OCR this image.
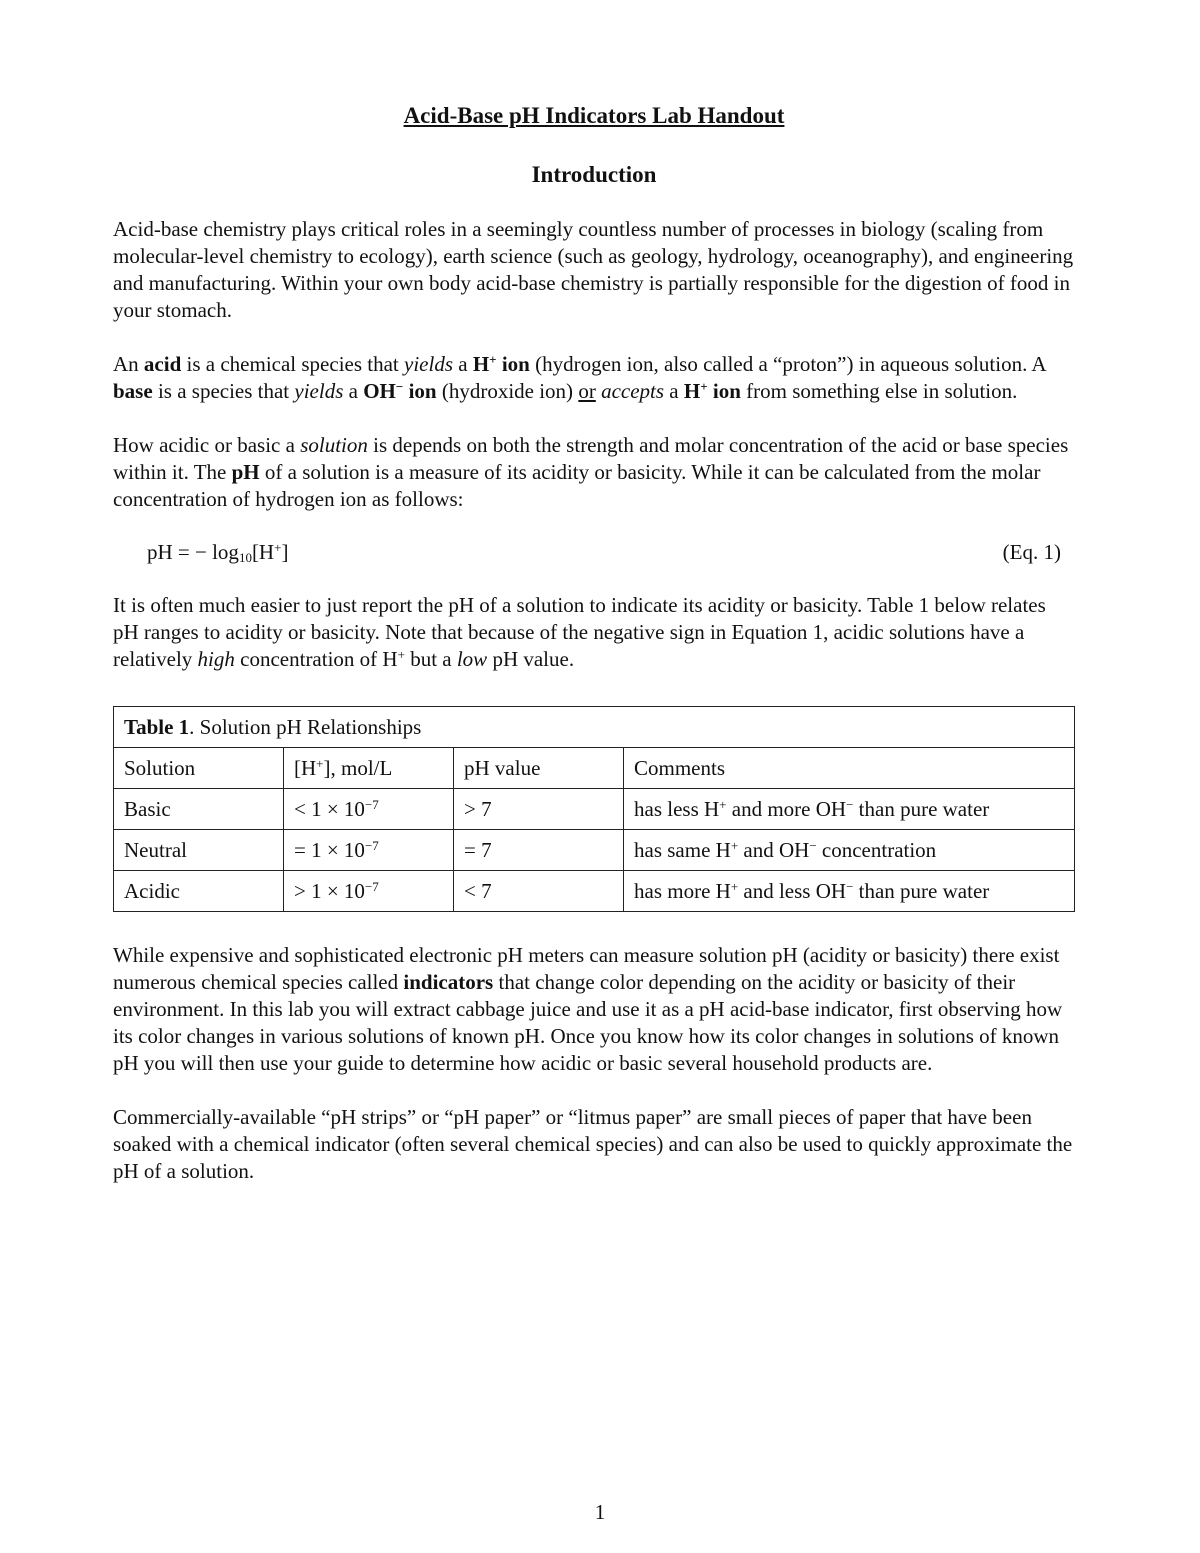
Acid-Base pH Indicators Lab Handout
Introduction

Acid-base chemistry plays critical roles in a seemingly countless number of processes in biology (scaling from molecular-level chemistry to ecology), earth science (such as geology, hydrology, oceanography), and engineering and manufacturing. Within your own body acid-base chemistry is partially responsible for the digestion of food in your stomach.

An acid is a chemical species that yields a H+ ion (hydrogen ion, also called a “proton”) in aqueous solution. A base is a species that yields a OH− ion (hydroxide ion) or accepts a H+ ion from something else in solution.

How acidic or basic a solution is depends on both the strength and molar concentration of the acid or base species within it. The pH of a solution is a measure of its acidity or basicity. While it can be calculated from the molar concentration of hydrogen ion as follows:

pH = − $\log_{10}[H^+]$	(Eq. 1)

It is often much easier to just report the pH of a solution to indicate its acidity or basicity. Table 1 below relates pH ranges to acidity or basicity. Note that because of the negative sign in Equation 1, acidic solutions have a relatively high concentration of H+ but a low pH value.

Table 1. Solution pH Relationships			
Solution	[H+], mol/L	pH value	Comments
Basic	< $1 \times 10^{-7}$	> 7	has less H+ and more OH− than pure water
Neutral	= $1 \times 10^{-7}$	= 7	has same H+ and OH− concentration
Acidic	> $1 \times 10^{-7}$	< 7	has more H+ and less OH− than pure water

While expensive and sophisticated electronic pH meters can measure solution pH (acidity or basicity) there exist numerous chemical species called indicators that change color depending on the acidity or basicity of their environment. In this lab you will extract cabbage juice and use it as a pH acid-base indicator, first observing how its color changes in various solutions of known pH. Once you know how its color changes in solutions of known pH you will then use your guide to determine how acidic or basic several household products are.

Commercially-available “pH strips” or “pH paper” or “litmus paper” are small pieces of paper that have been soaked with a chemical indicator (often several chemical species) and can also be used to quickly approximate the pH of a solution.

1
